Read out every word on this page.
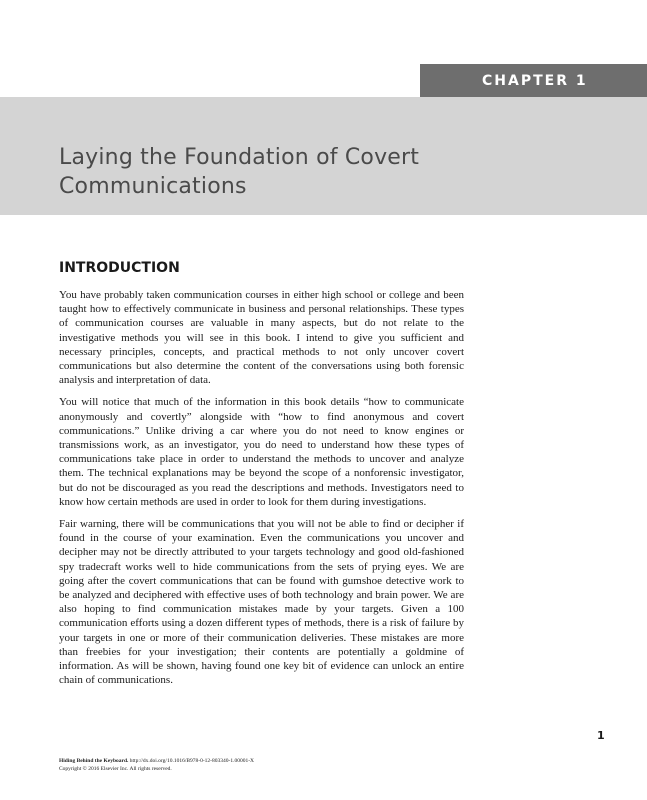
CHAPTER 1
Laying the Foundation of Covert
Communications
INTRODUCTION

You have probably taken communication courses in either high school or college and been taught how to effectively communicate in business and personal relationships. These types of communication courses are valuable in many aspects, but do not relate to the investigative methods you will see in this book. I intend to give you sufficient and necessary principles, concepts, and practical methods to not only uncover covert communications but also determine the content of the conversations using both forensic analysis and interpretation of data.

You will notice that much of the information in this book details “how to communicate anonymously and covertly” alongside with “how to find anonymous and covert communications.” Unlike driving a car where you do not need to know engines or transmissions work, as an investigator, you do need to understand how these types of communications take place in order to understand the methods to uncover and analyze them. The technical explanations may be beyond the scope of a nonforensic investigator, but do not be discouraged as you read the descriptions and methods. Investigators need to know how certain methods are used in order to look for them during investigations.

Fair warning, there will be communications that you will not be able to find or decipher if found in the course of your examination. Even the communications you uncover and decipher may not be directly attributed to your targets technology and good old-fashioned spy tradecraft works well to hide communications from the sets of prying eyes. We are going after the covert communications that can be found with gumshoe detective work to be analyzed and deciphered with effective uses of both technology and brain power. We are also hoping to find communication mistakes made by your targets. Given a 100 communication efforts using a dozen different types of methods, there is a risk of failure by your targets in one or more of their communication deliveries. These mistakes are more than freebies for your investigation; their contents are potentially a goldmine of information. As will be shown, having found one key bit of evidence can unlock an entire chain of communications.

1
Hiding Behind the Keyboard. http://dx.doi.org/10.1016/B978-0-12-803340-1.00001-X
Copyright © 2016 Elsevier Inc. All rights reserved.
